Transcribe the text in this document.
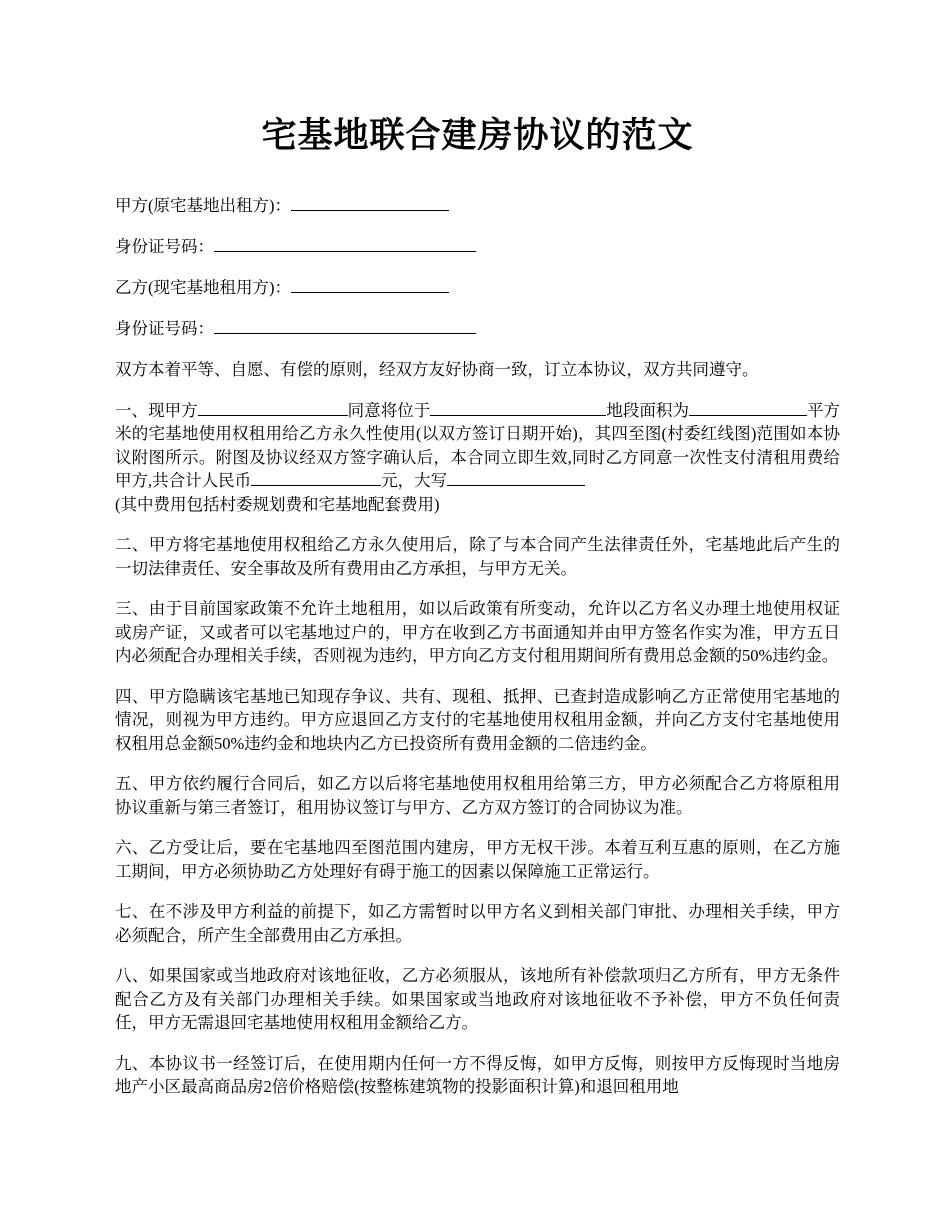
宅基地联合建房协议的范文

甲方(原宅基地出租方)：

身份证号码：

乙方(现宅基地租用方)：

身份证号码：

双方本着平等、自愿、有偿的原则，经双方友好协商一致，订立本协议，双方共同遵守。

一、现甲方	同意将位于	地段面积为	平方米的宅基地使用权租用给乙方永久性使用(以双方签订日期开始)，其四至图(村委红线图)范围如本协议附图所示。附图及协议经双方签字确认后，本合同立即生效,同时乙方同意一次性支付清租用费给甲方,共合计人民币	元，大写
(其中费用包括村委规划费和宅基地配套费用)

二、甲方将宅基地使用权租给乙方永久使用后，除了与本合同产生法律责任外，宅基地此后产生的一切法律责任、安全事故及所有费用由乙方承担，与甲方无关。

三、由于目前国家政策不允许土地租用，如以后政策有所变动，允许以乙方名义办理土地使用权证或房产证，又或者可以宅基地过户的，甲方在收到乙方书面通知并由甲方签名作实为准，甲方五日内必须配合办理相关手续，否则视为违约，甲方向乙方支付租用期间所有费用总金额的50%违约金。

四、甲方隐瞒该宅基地已知现存争议、共有、现租、抵押、已查封造成影响乙方正常使用宅基地的情况，则视为甲方违约。甲方应退回乙方支付的宅基地使用权租用金额，并向乙方支付宅基地使用权租用总金额50%违约金和地块内乙方已投资所有费用金额的二倍违约金。

五、甲方依约履行合同后，如乙方以后将宅基地使用权租用给第三方，甲方必须配合乙方将原租用协议重新与第三者签订，租用协议签订与甲方、乙方双方签订的合同协议为准。

六、乙方受让后，要在宅基地四至图范围内建房，甲方无权干涉。本着互利互惠的原则，在乙方施工期间，甲方必须协助乙方处理好有碍于施工的因素以保障施工正常运行。

七、在不涉及甲方利益的前提下，如乙方需暂时以甲方名义到相关部门审批、办理相关手续，甲方必须配合，所产生全部费用由乙方承担。

八、如果国家或当地政府对该地征收，乙方必须服从，该地所有补偿款项归乙方所有，甲方无条件配合乙方及有关部门办理相关手续。如果国家或当地政府对该地征收不予补偿，甲方不负任何责任，甲方无需退回宅基地使用权租用金额给乙方。

九、本协议书一经签订后，在使用期内任何一方不得反悔，如甲方反悔，则按甲方反悔现时当地房地产小区最高商品房2倍价格赔偿(按整栋建筑物的投影面积计算)和退回租用地
